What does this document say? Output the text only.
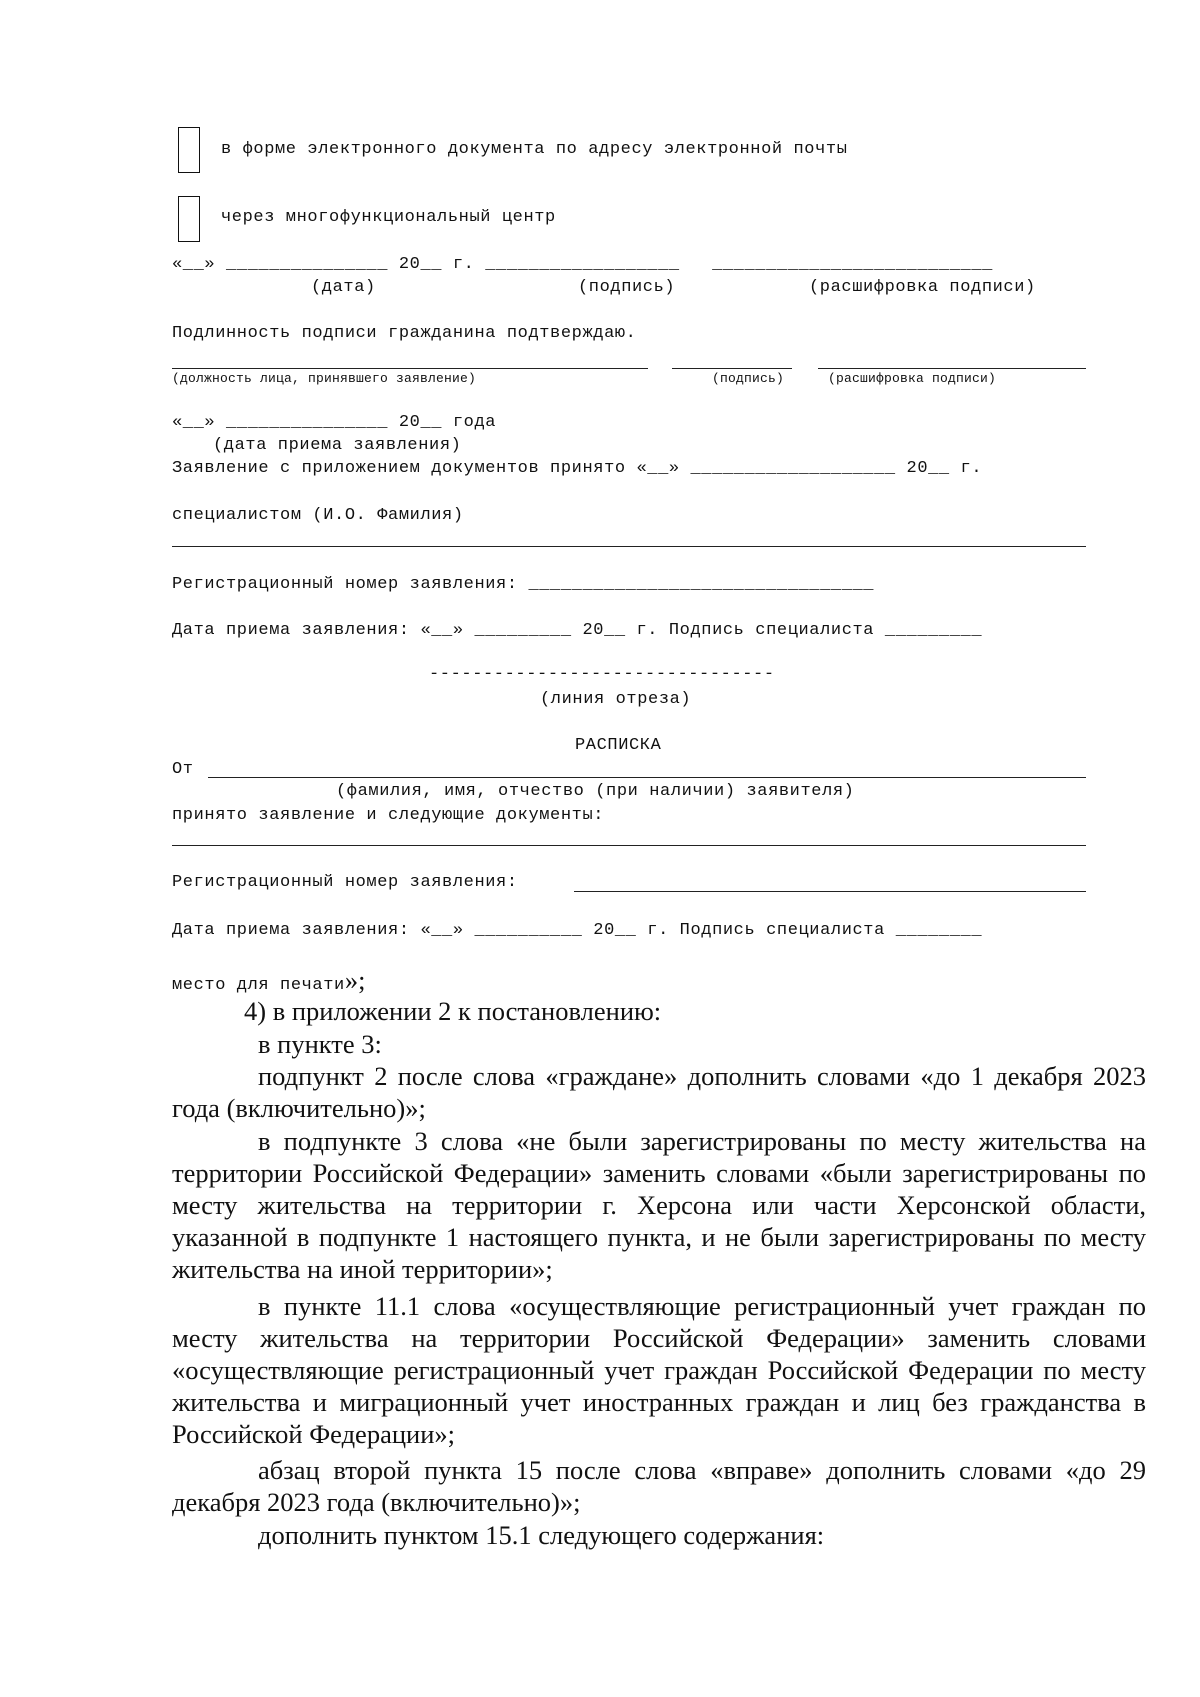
в форме электронного документа по адресу электронной почты
через многофункциональный центр
«__» _______________ 20__ г. __________________   __________________________
(дата)	(подпись)	(расшифровка подписи)
Подлинность подписи гражданина подтверждаю.
(должность лица, принявшего заявление)	(подпись)	(расшифровка подписи)
«__» _______________ 20__ года
(дата приема заявления)
Заявление с приложением документов принято «__» ___________________ 20__ г.
специалистом (И.О. Фамилия)
Регистрационный номер заявления: ________________________________
Дата приема заявления: «__» _________ 20__ г. Подпись специалиста _________
--------------------------------
(линия отреза)
РАСПИСКА
От
(фамилия, имя, отчество (при наличии) заявителя)
принято заявление и следующие документы:
Регистрационный номер заявления:
Дата приема заявления: «__» __________ 20__ г. Подпись специалиста ________
место для печати»;
4) в приложении 2 к постановлению:
в пункте 3:
подпункт 2 после слова «граждане» дополнить словами «до 1 декабря 2023 года (включительно)»;
в подпункте 3 слова «не были зарегистрированы по месту жительства на территории Российской Федерации» заменить словами «были зарегистрированы по месту жительства на территории г. Херсона или части Херсонской области, указанной в подпункте 1 настоящего пункта, и не были зарегистрированы по месту жительства на иной территории»;
в пункте 11.1 слова «осуществляющие регистрационный учет граждан по месту жительства на территории Российской Федерации» заменить словами «осуществляющие регистрационный учет граждан Российской Федерации по месту жительства и миграционный учет иностранных граждан и лиц без гражданства в Российской Федерации»;
абзац второй пункта 15 после слова «вправе» дополнить словами «до 29 декабря 2023 года (включительно)»;
дополнить пунктом 15.1 следующего содержания:
